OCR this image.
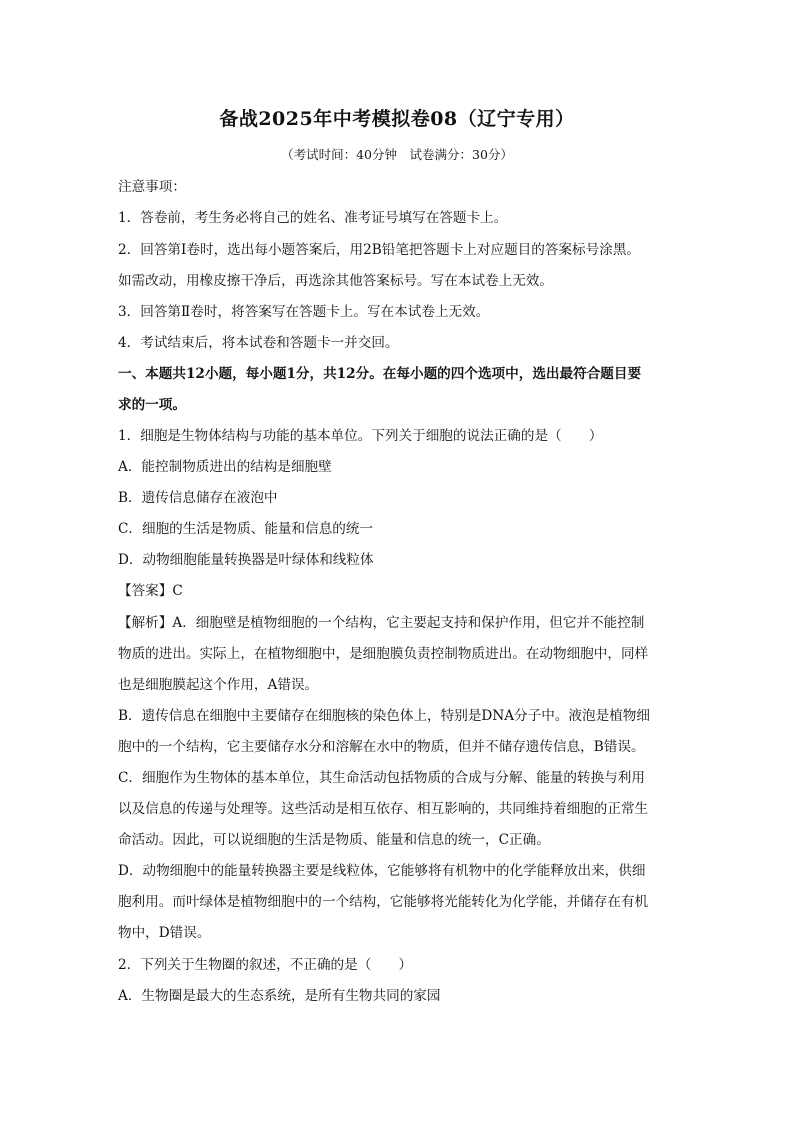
备战2025年中考模拟卷08（辽宁专用）
（考试时间：40分钟　试卷满分：30分）
注意事项：
1．答卷前，考生务必将自己的姓名、准考证号填写在答题卡上。
2．回答第Ⅰ卷时，选出每小题答案后，用2B铅笔把答题卡上对应题目的答案标号涂黑。
如需改动，用橡皮擦干净后，再选涂其他答案标号。写在本试卷上无效。
3．回答第Ⅱ卷时，将答案写在答题卡上。写在本试卷上无效。
4．考试结束后，将本试卷和答题卡一并交回。
一、本题共12小题，每小题1分，共12分。在每小题的四个选项中，选出最符合题目要
求的一项。
1．细胞是生物体结构与功能的基本单位。下列关于细胞的说法正确的是（　　）
A．能控制物质进出的结构是细胞壁
B．遗传信息储存在液泡中
C．细胞的生活是物质、能量和信息的统一
D．动物细胞能量转换器是叶绿体和线粒体
【答案】C
【解析】A．细胞壁是植物细胞的一个结构，它主要起支持和保护作用，但它并不能控制
物质的进出。实际上，在植物细胞中，是细胞膜负责控制物质进出。在动物细胞中，同样
也是细胞膜起这个作用，A错误。
B．遗传信息在细胞中主要储存在细胞核的染色体上，特别是DNA分子中。液泡是植物细
胞中的一个结构，它主要储存水分和溶解在水中的物质，但并不储存遗传信息，B错误。
C．细胞作为生物体的基本单位，其生命活动包括物质的合成与分解、能量的转换与利用
以及信息的传递与处理等。这些活动是相互依存、相互影响的，共同维持着细胞的正常生
命活动。因此，可以说细胞的生活是物质、能量和信息的统一，C正确。
D．动物细胞中的能量转换器主要是线粒体，它能够将有机物中的化学能释放出来，供细
胞利用。而叶绿体是植物细胞中的一个结构，它能够将光能转化为化学能，并储存在有机
物中，D错误。
2．下列关于生物圈的叙述，不正确的是（　　）
A．生物圈是最大的生态系统，是所有生物共同的家园
